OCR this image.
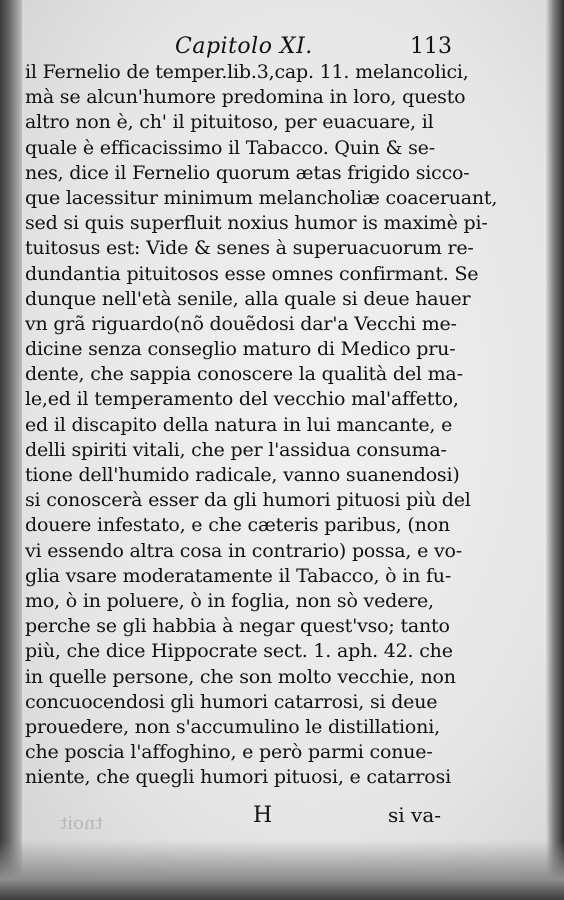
Capitolo XI.	113
il Fernelio de temper.lib.3,cap. 11. melancolici,
mà se alcun'humore predomina in loro, questo
altro non è, ch' il pituitoso, per euacuare, il
quale è efficacissimo il Tabacco. Quin & se-
nes, dice il Fernelio quorum ætas frigido sicco-
que lacessitur minimum melancholiæ coaceruant,
sed si quis superfluit noxius humor is maximè pi-
tuitosus est: Vide & senes à superuacuorum re-
dundantia pituitosos esse omnes confirmant. Se
dunque nell'età senile, alla quale si deue hauer
vn grã riguardo(nõ douẽdosi dar'a Vecchi me-
dicine senza conseglio maturo di Medico pru-
dente, che sappia conoscere la qualità del ma-
le,ed il temperamento del vecchio mal'affetto,
ed il discapito della natura in lui mancante, e
delli spiriti vitali, che per l'assidua consuma-
tione dell'humido radicale, vanno suanendosi)
si conoscerà esser da gli humori pituosi più del
douere infestato, e che cæteris paribus, (non
vi essendo altra cosa in contrario) possa, e vo-
glia vsare moderatamente il Tabacco, ò in fu-
mo, ò in poluere, ò in foglia, non sò vedere,
perche se gli habbia à negar quest'vso; tanto
più, che dice Hippocrate sect. 1. aph. 42. che
in quelle persone, che son molto vecchie, non
concuocendosi gli humori catarrosi, si deue
prouedere, non s'accumulino le distillationi,
che poscia l'affoghino, e però parmi conue-
niente, che quegli humori pituosi, e catarrosi
tnoit	H	si va-
